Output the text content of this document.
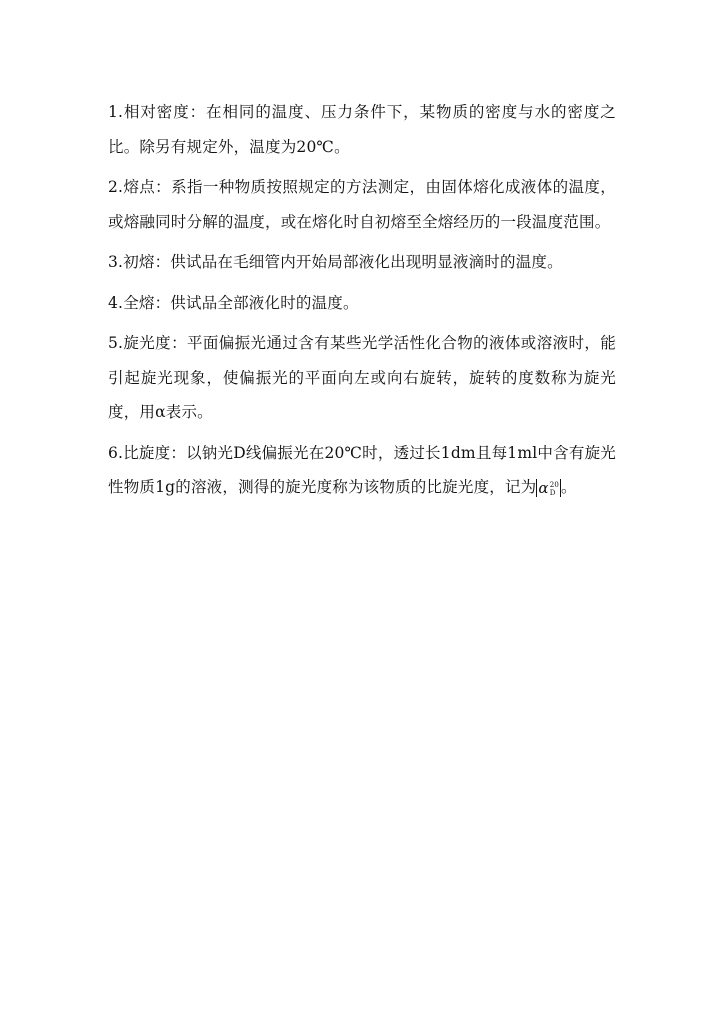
1.相对密度：在相同的温度、压力条件下，某物质的密度与水的密度之比。除另有规定外，温度为20℃。

2.熔点：系指一种物质按照规定的方法测定，由固体熔化成液体的温度，或熔融同时分解的温度，或在熔化时自初熔至全熔经历的一段温度范围。

3.初熔：供试品在毛细管内开始局部液化出现明显液滴时的温度。

4.全熔：供试品全部液化时的温度。

5.旋光度：平面偏振光通过含有某些光学活性化合物的液体或溶液时，能引起旋光现象，使偏振光的平面向左或向右旋转，旋转的度数称为旋光度，用α表示。

6.比旋度：以钠光D线偏振光在20℃时，透过长1dm且每1ml中含有旋光性物质1g的溶液，测得的旋光度称为该物质的比旋光度，记为 α 20
D 。
